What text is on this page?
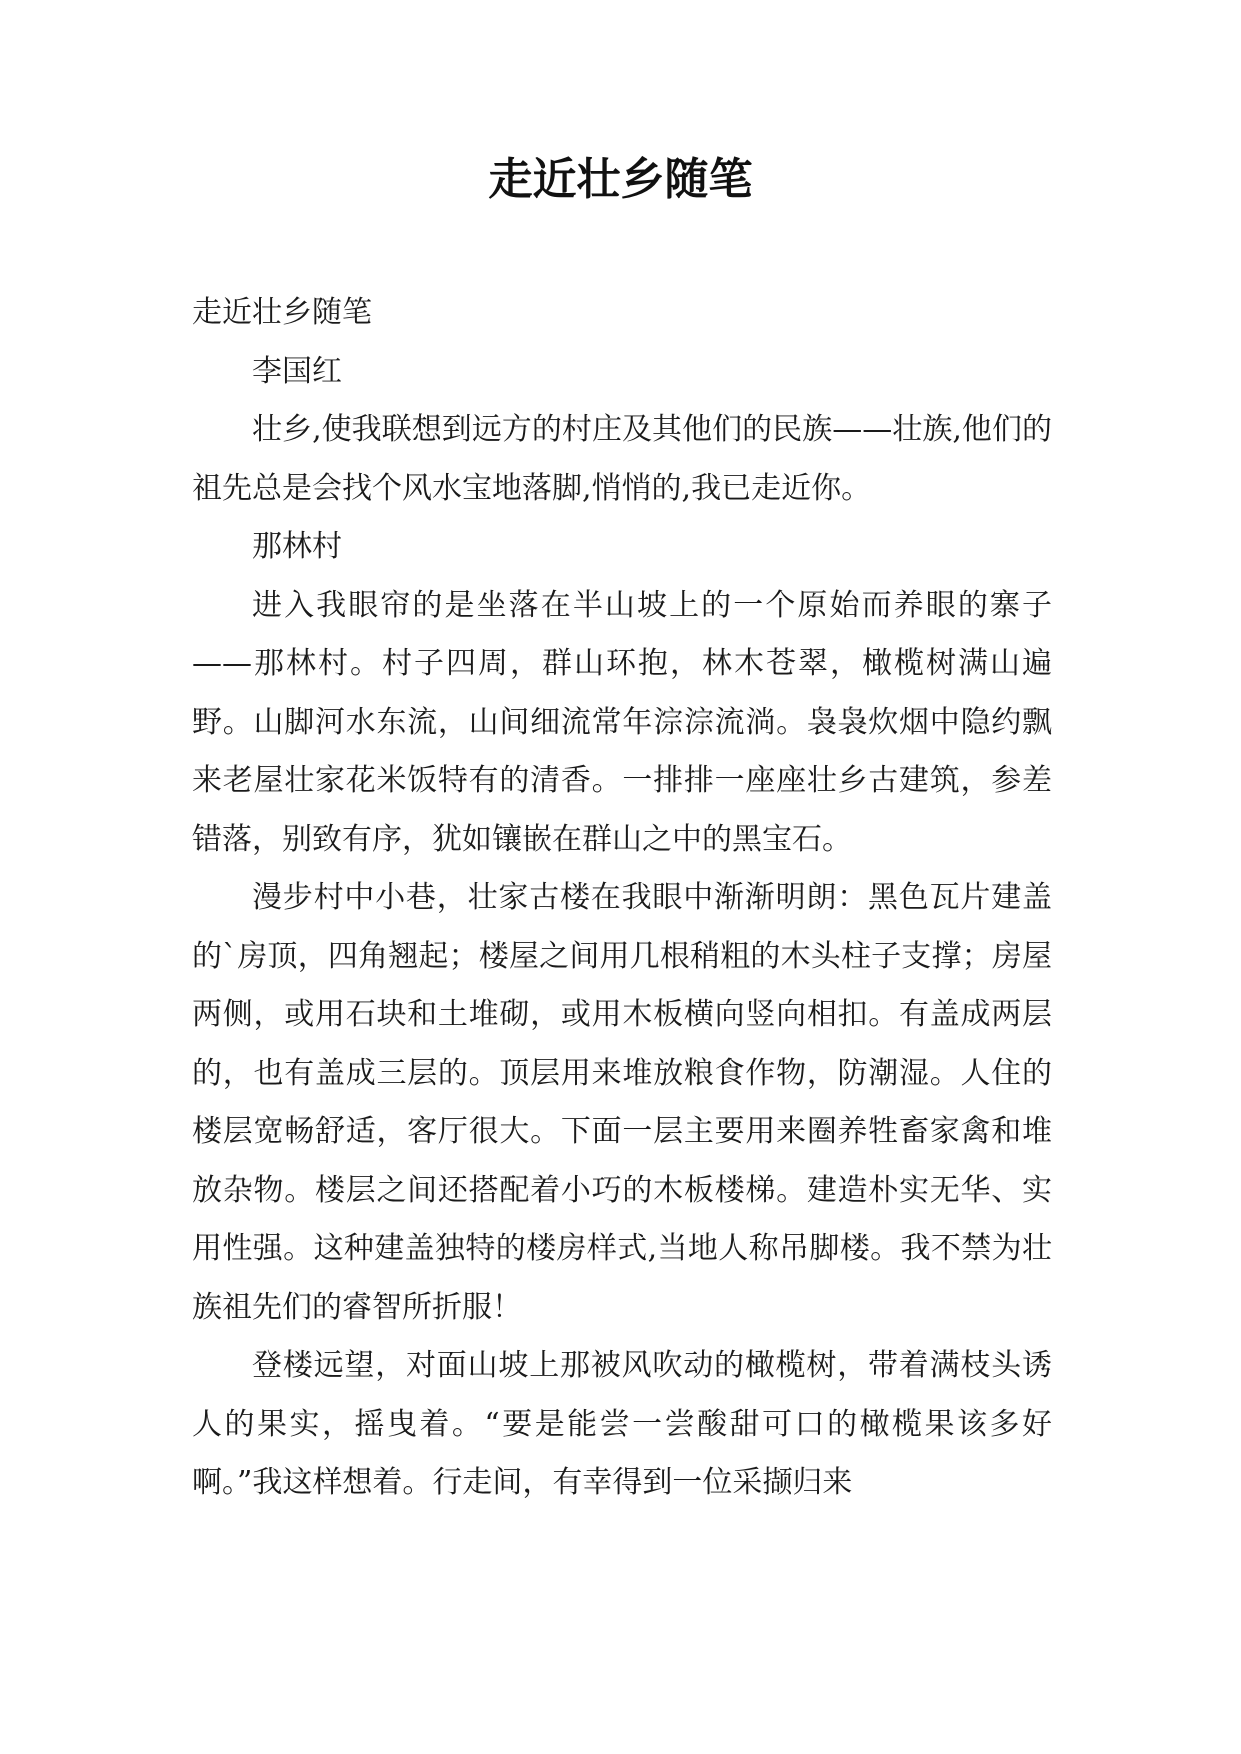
走近壮乡随笔

走近壮乡随笔

李国红

壮乡,使我联想到远方的村庄及其他们的民族——壮族,他们的祖先总是会找个风水宝地落脚,悄悄的,我已走近你。

那林村

进入我眼帘的是坐落在半山坡上的一个原始而养眼的寨子——那林村。村子四周，群山环抱，林木苍翠，橄榄树满山遍野。山脚河水东流，山间细流常年淙淙流淌。袅袅炊烟中隐约飘来老屋壮家花米饭特有的清香。一排排一座座壮乡古建筑，参差错落，别致有序，犹如镶嵌在群山之中的黑宝石。

漫步村中小巷，壮家古楼在我眼中渐渐明朗：黑色瓦片建盖的`房顶，四角翘起；楼屋之间用几根稍粗的木头柱子支撑；房屋两侧，或用石块和土堆砌，或用木板横向竖向相扣。有盖成两层的，也有盖成三层的。顶层用来堆放粮食作物，防潮湿。人住的楼层宽畅舒适，客厅很大。下面一层主要用来圈养牲畜家禽和堆放杂物。楼层之间还搭配着小巧的木板楼梯。建造朴实无华、实用性强。这种建盖独特的楼房样式,当地人称吊脚楼。我不禁为壮族祖先们的睿智所折服！

登楼远望，对面山坡上那被风吹动的橄榄树，带着满枝头诱人的果实，摇曳着。“要是能尝一尝酸甜可口的橄榄果该多好啊。”我这样想着。行走间，有幸得到一位采撷归来
